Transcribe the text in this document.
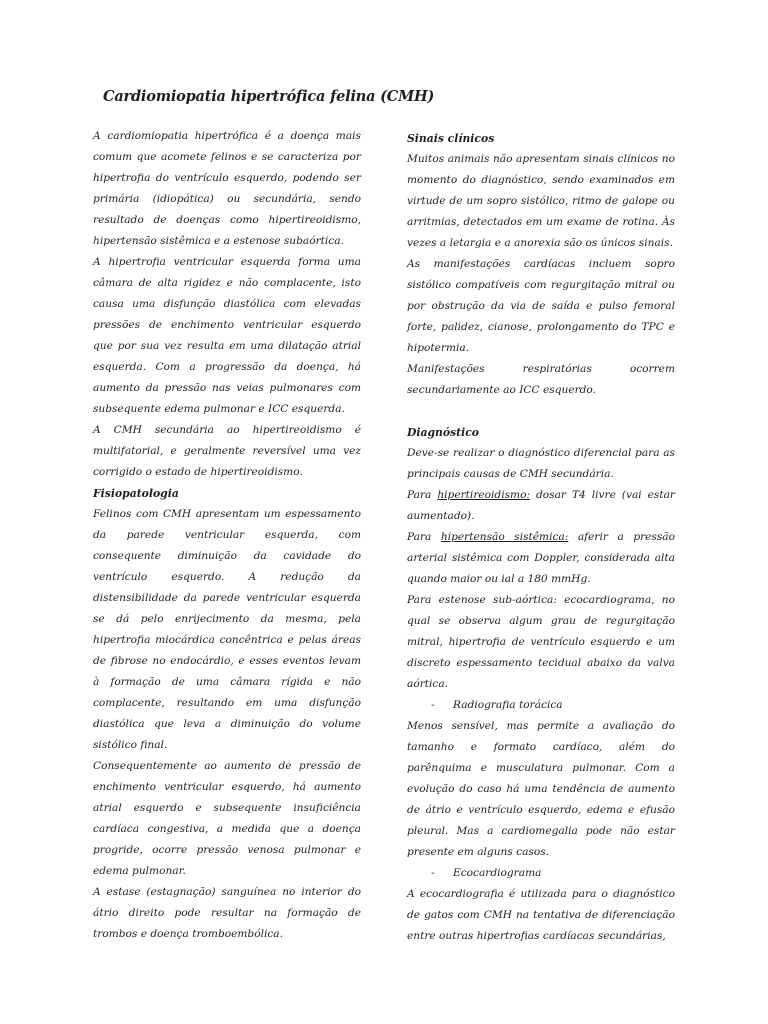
Cardiomiopatia hipertrófica felina (CMH)

A cardiomiopatia hipertrófica é a doença mais comum que acomete felinos e se caracteriza por hipertrofia do ventrículo esquerdo, podendo ser primária (idiopática) ou secundária, sendo resultado de doenças como hipertireoidismo, hipertensão sistêmica e a estenose subaórtica.

A hipertrofia ventricular esquerda forma uma câmara de alta rigidez e não complacente, isto causa uma disfunção diastólica com elevadas pressões de enchimento ventricular esquerdo que por sua vez resulta em uma dilatação atrial esquerda. Com a progressão da doença, há aumento da pressão nas veias pulmonares com subsequente edema pulmonar e ICC esquerda.

A CMH secundária ao hipertireoidismo é multifatorial, e geralmente reversível uma vez corrigido o estado de hipertireoidismo.

Fisiopatologia

Felinos com CMH apresentam um espessamento da parede ventricular esquerda, com consequente diminuição da cavidade do ventrículo esquerdo. A redução da distensibilidade da parede ventricular esquerda se dá pelo enrijecimento da mesma, pela hipertrofia miocárdica concêntrica e pelas áreas de fibrose no endocárdio, e esses eventos levam à formação de uma câmara rígida e não complacente, resultando em uma disfunção diastólica que leva a diminuição do volume sistólico final.

Consequentemente ao aumento de pressão de enchimento ventricular esquerdo, há aumento atrial esquerdo e subsequente insuficiência cardíaca congestiva, a medida que a doença progride, ocorre pressão venosa pulmonar e edema pulmonar.

A estase (estagnação) sanguínea no interior do átrio direito pode resultar na formação de trombos e doença tromboembólica.

Sinais clínicos

Muitos animais não apresentam sinais clínicos no momento do diagnóstico, sendo examinados em virtude de um sopro sistólico, ritmo de galope ou arritmias, detectados em um exame de rotina. Às vezes a letargia e a anorexia são os únicos sinais.

As manifestações cardíacas incluem sopro sistólico compatíveis com regurgitação mitral ou por obstrução da via de saída e pulso femoral forte, palidez, cianose, prolongamento do TPC e hipotermia.

Manifestações respiratórias ocorrem secundariamente ao ICC esquerdo.

Diagnóstico

Deve-se realizar o diagnóstico diferencial para as principais causas de CMH secundária.

Para hipertireoidismo: dosar T4 livre (vai estar aumentado).

Para hipertensão sistêmica: aferir a pressão arterial sistêmica com Doppler, considerada alta quando maior ou ial a 180 mmHg.

Para estenose sub-aórtica: ecocardiograma, no qual se observa algum grau de regurgitação mitral, hipertrofia de ventrículo esquerdo e um discreto espessamento tecidual abaixo da valva aórtica.

- Radiografia torácica

Menos sensível, mas permite a avaliação do tamanho e formato cardíaco, além do parênquima e musculatura pulmonar. Com a evolução do caso há uma tendência de aumento de átrio e ventrículo esquerdo, edema e efusão pleural. Mas a cardiomegalia pode não estar presente em alguns casos.

- Ecocardiograma

A ecocardiografia é utilizada para o diagnóstico de gatos com CMH na tentativa de diferenciação entre outras hipertrofias cardíacas secundárias,
